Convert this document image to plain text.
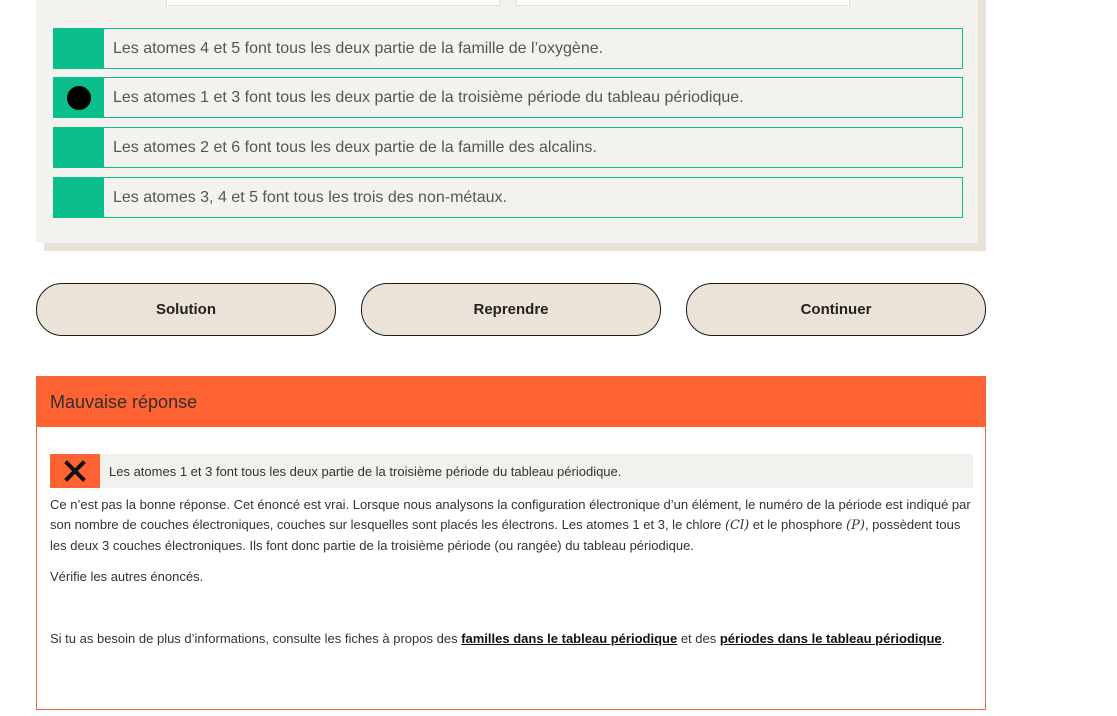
Les atomes 4 et 5 font tous les deux partie de la famille de l’oxygène.
Les atomes 1 et 3 font tous les deux partie de la troisième période du tableau périodique.
Les atomes 2 et 6 font tous les deux partie de la famille des alcalins.
Les atomes 3, 4 et 5 font tous les trois des non-métaux.
Solution	Reprendre	Continuer
Mauvaise réponse
Les atomes 1 et 3 font tous les deux partie de la troisième période du tableau périodique.

Ce n’est pas la bonne réponse. Cet énoncé est vrai. Lorsque nous analysons la configuration électronique d’un élément, le numéro de la période est indiqué par son nombre de couches électroniques, couches sur lesquelles sont placés les électrons. Les atomes 1 et 3, le chlore (Cl) et le phosphore (P), possèdent tous les deux 3 couches électroniques. Ils font donc partie de la troisième période (ou rangée) du tableau périodique.

Vérifie les autres énoncés.

Si tu as besoin de plus d’informations, consulte les fiches à propos des familles dans le tableau périodique et des périodes dans le tableau périodique.
